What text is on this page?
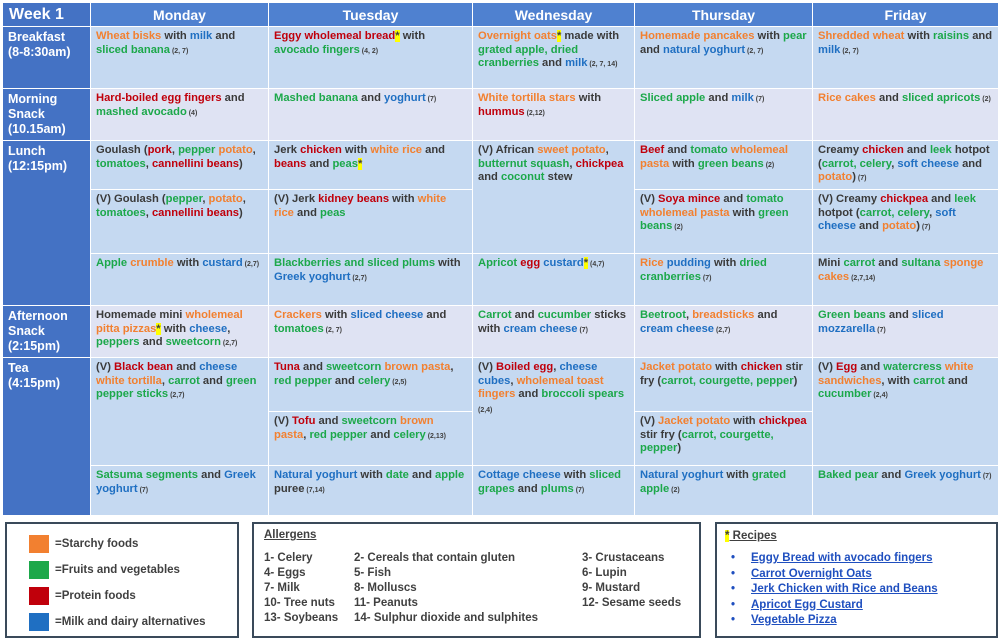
Week 1	Monday	Tuesday	Wednesday	Thursday	Friday

Breakfast
(8-8:30am)	Wheat bisks with milk and sliced banana (2, 7)	Eggy wholemeal bread* with avocado fingers (4, 2)	Overnight oats* made with grated apple, dried cranberries and milk (2, 7, 14)	Homemade pancakes with pear and natural yoghurt (2, 7)	Shredded wheat with raisins and milk (2, 7)

Morning
Snack
(10.15am)	Hard-boiled egg fingers and mashed avocado (4)	Mashed banana and yoghurt (7)	White tortilla stars with hummus (2,12)	Sliced apple and milk (7)	Rice cakes and sliced apricots (2)

Lunch
(12:15pm)	Goulash (pork, pepper potato, tomatoes, cannellini beans)	Jerk chicken with white rice and beans and peas*	(V) African sweet potato, butternut squash, chickpea and coconut stew	Beef and tomato wholemeal pasta with green beans (2)	Creamy chicken and leek hotpot (carrot, celery, soft cheese and potato) (7)
	(V) Goulash (pepper, potato, tomatoes, cannellini beans)	(V) Jerk kidney beans with white rice and peas		(V) Soya mince and tomato wholemeal pasta with green beans (2)	(V) Creamy chickpea and leek hotpot (carrot, celery, soft cheese and potato) (7)
	Apple crumble with custard (2,7)	Blackberries and sliced plums with Greek yoghurt (2,7)	Apricot egg custard* (4,7)	Rice pudding with dried cranberries (7)	Mini carrot and sultana sponge cakes (2,7,14)

Afternoon
Snack
(2:15pm)	Homemade mini wholemeal pitta pizzas* with cheese, peppers and sweetcorn (2,7)	Crackers with sliced cheese and tomatoes (2, 7)	Carrot and cucumber sticks with cream cheese (7)	Beetroot, breadsticks and cream cheese (2,7)	Green beans and sliced mozzarella (7)

Tea
(4:15pm)	(V) Black bean and cheese white tortilla, carrot and green pepper sticks (2,7)	Tuna and sweetcorn brown pasta, red pepper and celery (2,5)	(V) Boiled egg, cheese cubes, wholemeal toast fingers and broccoli spears (2,4)	Jacket potato with chicken stir fry (carrot, courgette, pepper)	(V) Egg and watercress white sandwiches, with carrot and cucumber (2,4)
		(V) Tofu and sweetcorn brown pasta, red pepper and celery (2,13)		(V) Jacket potato with chickpea stir fry (carrot, courgette, pepper)	
	Satsuma segments and Greek yoghurt (7)	Natural yoghurt with date and apple puree (7,14)	Cottage cheese with sliced grapes and plums (7)	Natural yoghurt with grated apple (2)	Baked pear and Greek yoghurt (7)
=Starchy foods
=Fruits and vegetables
=Protein foods
=Milk and dairy alternatives
Allergens
1- Celery	2- Cereals that contain gluten	3- Crustaceans
4- Eggs	5- Fish	6- Lupin
7- Milk	8- Molluscs	9- Mustard
10- Tree nuts 11- Peanuts	12- Sesame seeds
13- Soybeans 14- Sulphur dioxide and sulphites
* Recipes
• Eggy Bread with avocado fingers
• Carrot Overnight Oats
• Jerk Chicken with Rice and Beans
• Apricot Egg Custard
• Vegetable Pizza
